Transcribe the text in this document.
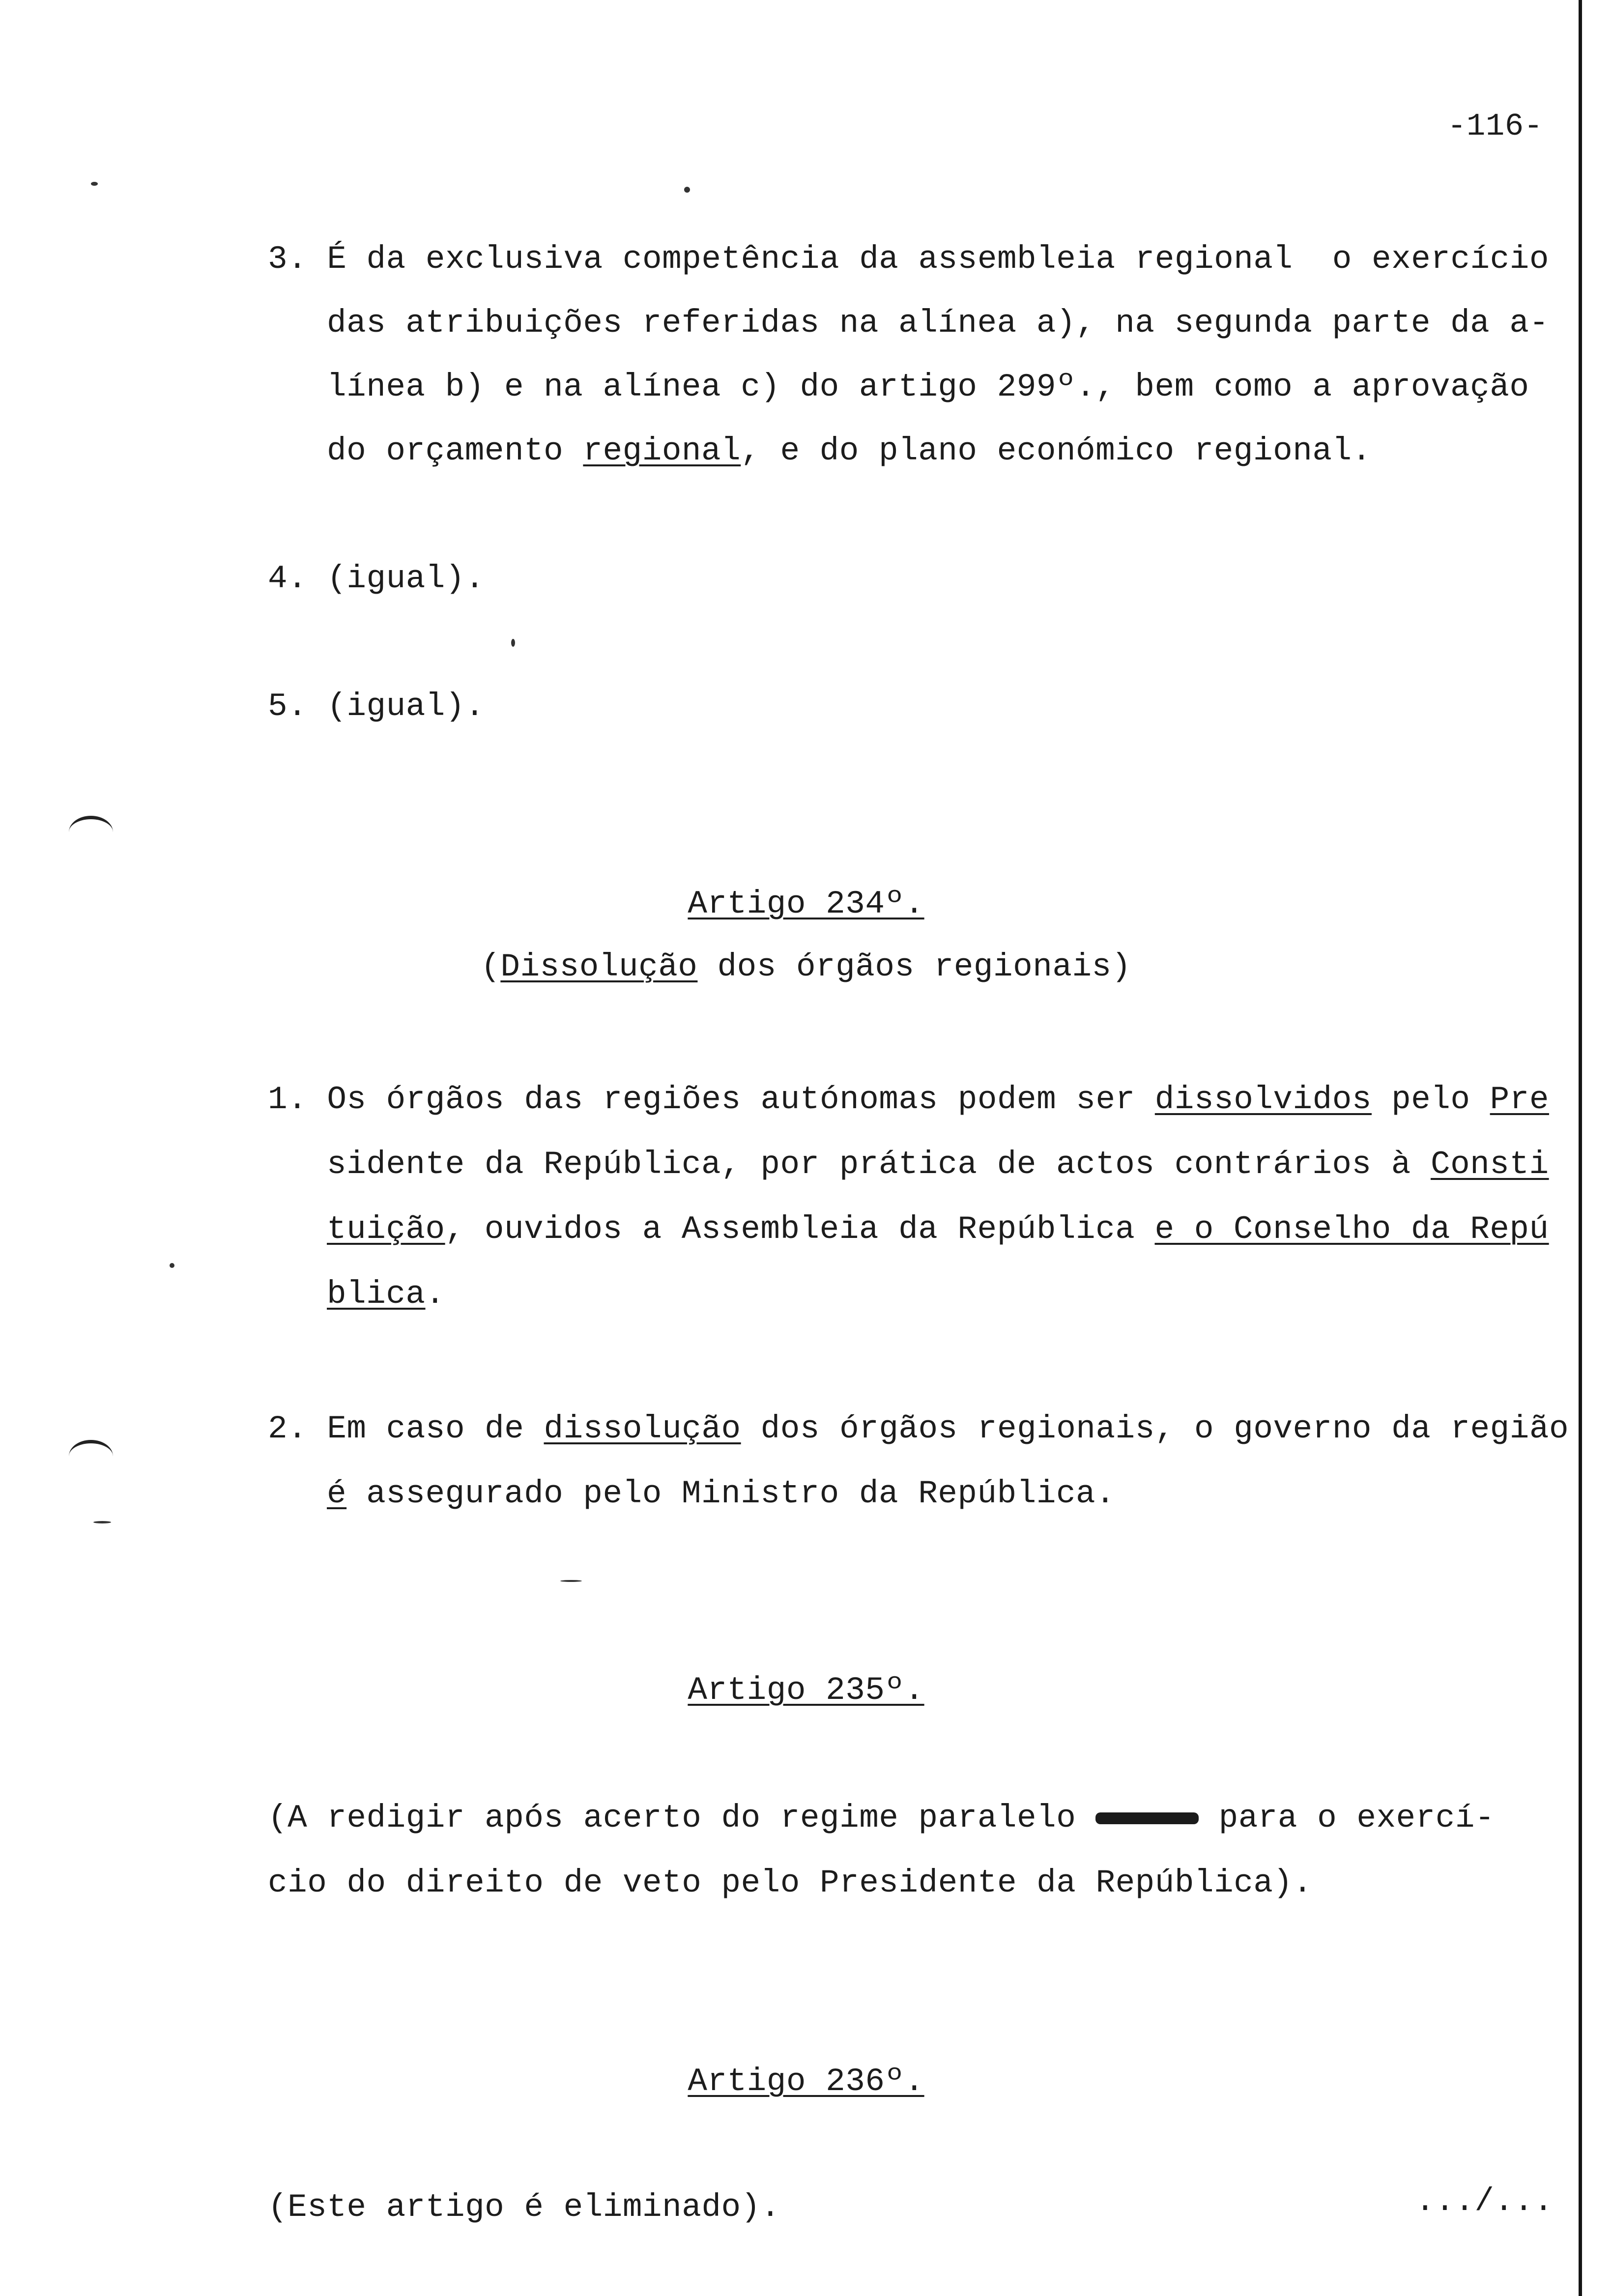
-116-
3. É da exclusiva competência da assembleia regional  o exercício
das atribuições referidas na alínea a), na segunda parte da a-
línea b) e na alínea c) do artigo 299º., bem como a aprovação
do orçamento regional, e do plano económico regional.
4. (igual).
5. (igual).
Artigo 234º.
(Dissolução dos órgãos regionais)
1. Os órgãos das regiões autónomas podem ser dissolvidos pelo Pre
sidente da República, por prática de actos contrários à Consti
tuição, ouvidos a Assembleia da República e o Conselho da Repú
blica.
2. Em caso de dissolução dos órgãos regionais, o governo da região
é assegurado pelo Ministro da República.
Artigo 235º.
(A redigir após acerto do regime paralelo	para o exercí-
cio do direito de veto pelo Presidente da República).
Artigo 236º.
(Este artigo é eliminado).	.../...
